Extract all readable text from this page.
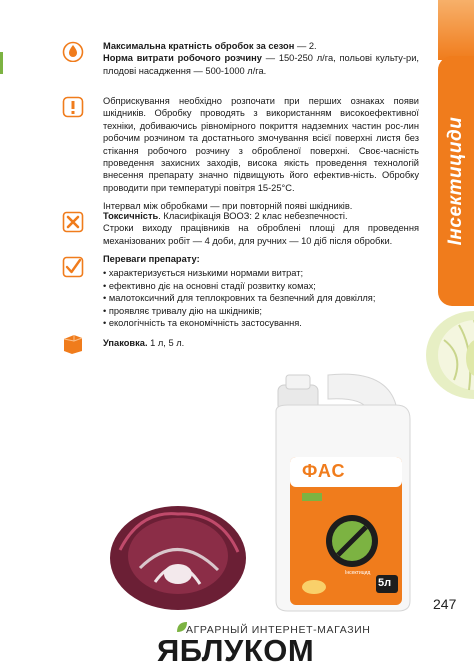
Інсектициди
Максимальна кратність обробок за сезон — 2.
Норма витрати робочого розчину — 150-250 л/га, польові культу-ри, плодові насадження — 500-1000 л/га.
Обприскування необхідно розпочати при перших ознаках появи шкідників. Обробку проводять з використанням високоефективної техніки, добиваючись рівномірного покриття надземних частин рос-лин робочим розчином та достатнього змочування всієї поверхні листя без стікання робочого розчину з обробленої поверхні. Своє-часність проведення захисних заходів, висока якість проведення технологій внесення препарату значно підвищують його ефектив-ність. Обробку проводити при температурі повітря 15-25°С.
Інтервал між обробками — при повторній появі шкідників.
Токсичність. Класифікація ВООЗ: 2 клас небезпечності.
Строки виходу працівників на оброблені площі для проведення механізованих робіт — 4 доби, для ручних — 10 діб після обробки.
Переваги препарату:
• характеризується низькими нормами витрат;
• ефективно діє на основні стадії розвитку комах;
• малотоксичний для теплокровних та безпечний для довкілля;
• проявляє тривалу дію на шкідників;
• екологічність та економічність застосування.
Упаковка. 1 л, 5 л.
ФАС
5л
Інсектицид
247
АГРАРНЫЙ ИНТЕРНЕТ-МАГАЗИН
ЯБЛУКОМ
